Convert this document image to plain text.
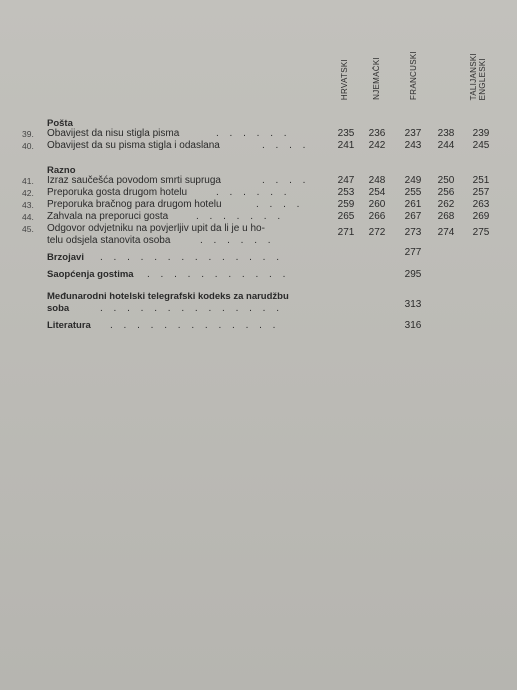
HRVATSKI	NJEMAČKI	FRANCUSKI	TALIJANSKI ENGLESKI
Pošta
39.	Obavijest da nisu stigla pisma	. . . . . .	235	236	237	238	239
40.	Obavijest da su pisma stigla i odaslana	. . . .	241	242	243	244	245
Razno
41.	Izraz saučešća povodom smrti supruga	. . . .	247	248	249	250	251
42.	Preporuka gosta drugom hotelu	. . . . . .	253	254	255	256	257
43.	Preporuka bračnog para drugom hotelu	. . . .	259	260	261	262	263
44.	Zahvala na preporuci gosta	. . . . . . .	265	266	267	268	269
45.	Odgovor odvjetniku na povjerljiv upit da li je u ho-
telu odsjela stanovita osoba	. . . . . .
271	272	273	274	275
Brzojavi . . . . . . . . . . . . . .	277
Saopćenja gostima . . . . . . . . . . .	295
Međunarodni hotelski telegrafski kodeks za narudžbu
soba	. . . . . . . . . . . . . .	313
Literatura . . . . . . . . . . . . .	316
